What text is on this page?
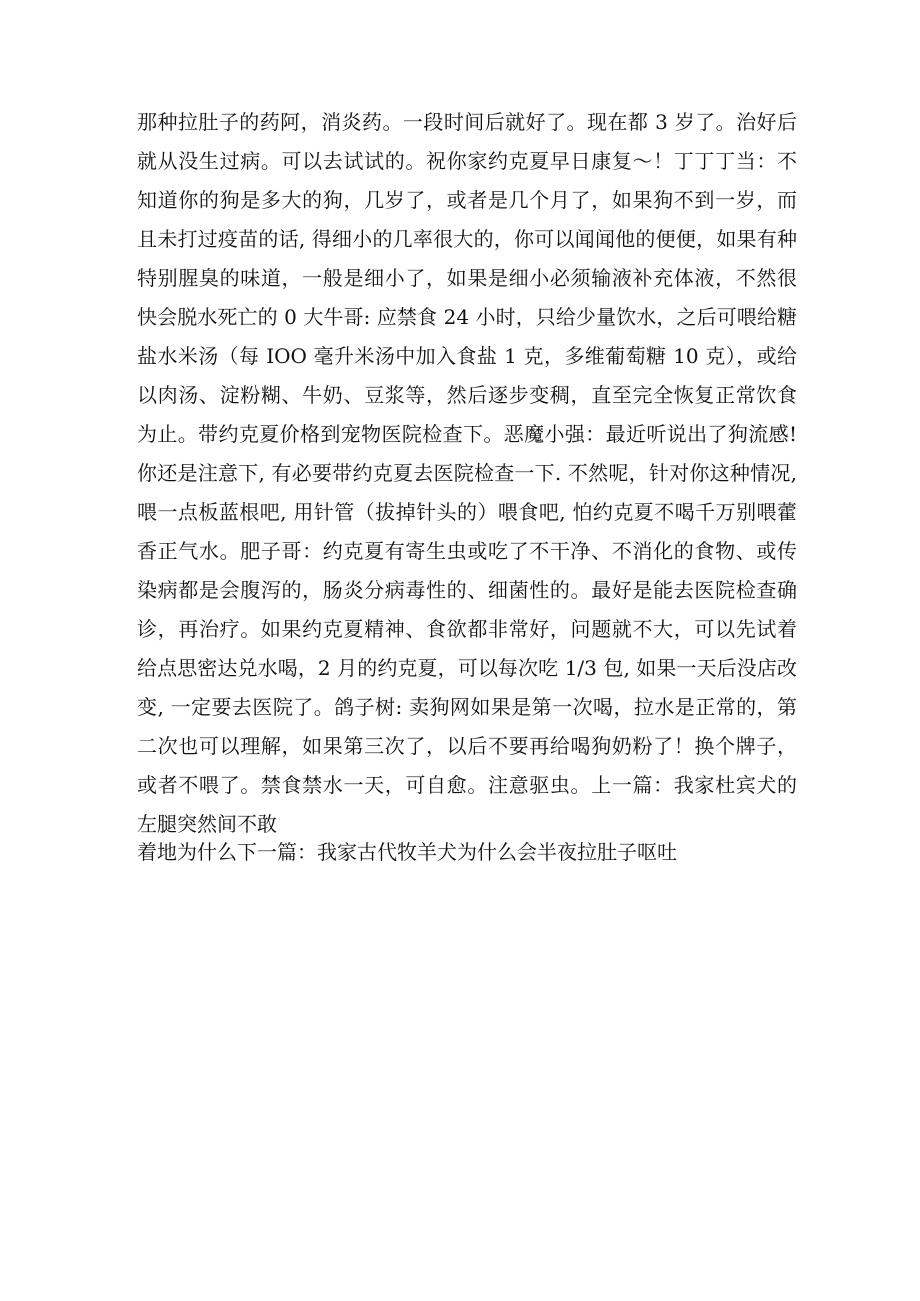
那种拉肚子的药阿，消炎药。一段时间后就好了。现在都 3 岁了。治好后
就从没生过病。可以去试试的。祝你家约克夏早日康复～！丁丁丁当：不
知道你的狗是多大的狗，几岁了，或者是几个月了，如果狗不到一岁，而
且未打过疫苗的话, 得细小的几率很大的，你可以闻闻他的便便，如果有种
特别腥臭的味道，一般是细小了，如果是细小必须输液补充体液，不然很
快会脱水死亡的 0 大牛哥: 应禁食 24 小时，只给少量饮水，之后可喂给糖
盐水米汤（每 IOO 毫升米汤中加入食盐 1 克，多维葡萄糖 10 克），或给
以肉汤、淀粉糊、牛奶、豆浆等，然后逐步变稠，直至完全恢复正常饮食
为止。带约克夏价格到宠物医院检查下。恶魔小强：最近听说出了狗流感!
你还是注意下, 有必要带约克夏去医院检查一下. 不然呢，针对你这种情况,
喂一点板蓝根吧, 用针管（拔掉针头的）喂食吧, 怕约克夏不喝千万别喂藿
香正气水。肥子哥：约克夏有寄生虫或吃了不干净、不消化的食物、或传
染病都是会腹泻的，肠炎分病毒性的、细菌性的。最好是能去医院检查确
诊，再治疗。如果约克夏精神、食欲都非常好，问题就不大，可以先试着
给点思密达兑水喝，2 月的约克夏，可以每次吃 1/3 包, 如果一天后没店改
变, 一定要去医院了。鸽子树: 卖狗网如果是第一次喝，拉水是正常的，第
二次也可以理解，如果第三次了，以后不要再给喝狗奶粉了！换个牌子，
或者不喂了。禁食禁水一天，可自愈。注意驱虫。上一篇：我家杜宾犬的
左腿突然间不敢
着地为什么下一篇：我家古代牧羊犬为什么会半夜拉肚子呕吐
